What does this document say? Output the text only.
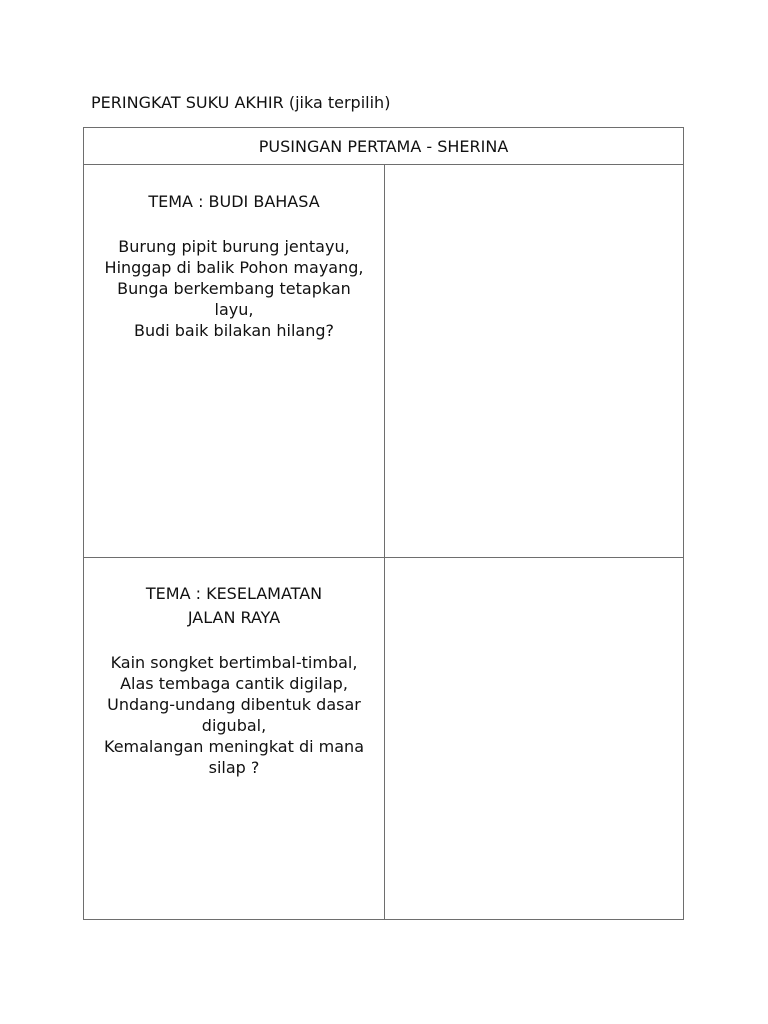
PERINGKAT SUKU AKHIR (jika terpilih)
PUSINGAN PERTAMA - SHERINA
TEMA : BUDI BAHASA
Burung pipit burung jentayu,
Hinggap di balik Pohon mayang,
Bunga berkembang tetapkan
layu,
Budi baik bilakan hilang?
TEMA : KESELAMATAN JALAN RAYA
Kain songket bertimbal-timbal,
Alas tembaga cantik digilap,
Undang-undang dibentuk dasar
digubal,
Kemalangan meningkat di mana
silap ?
